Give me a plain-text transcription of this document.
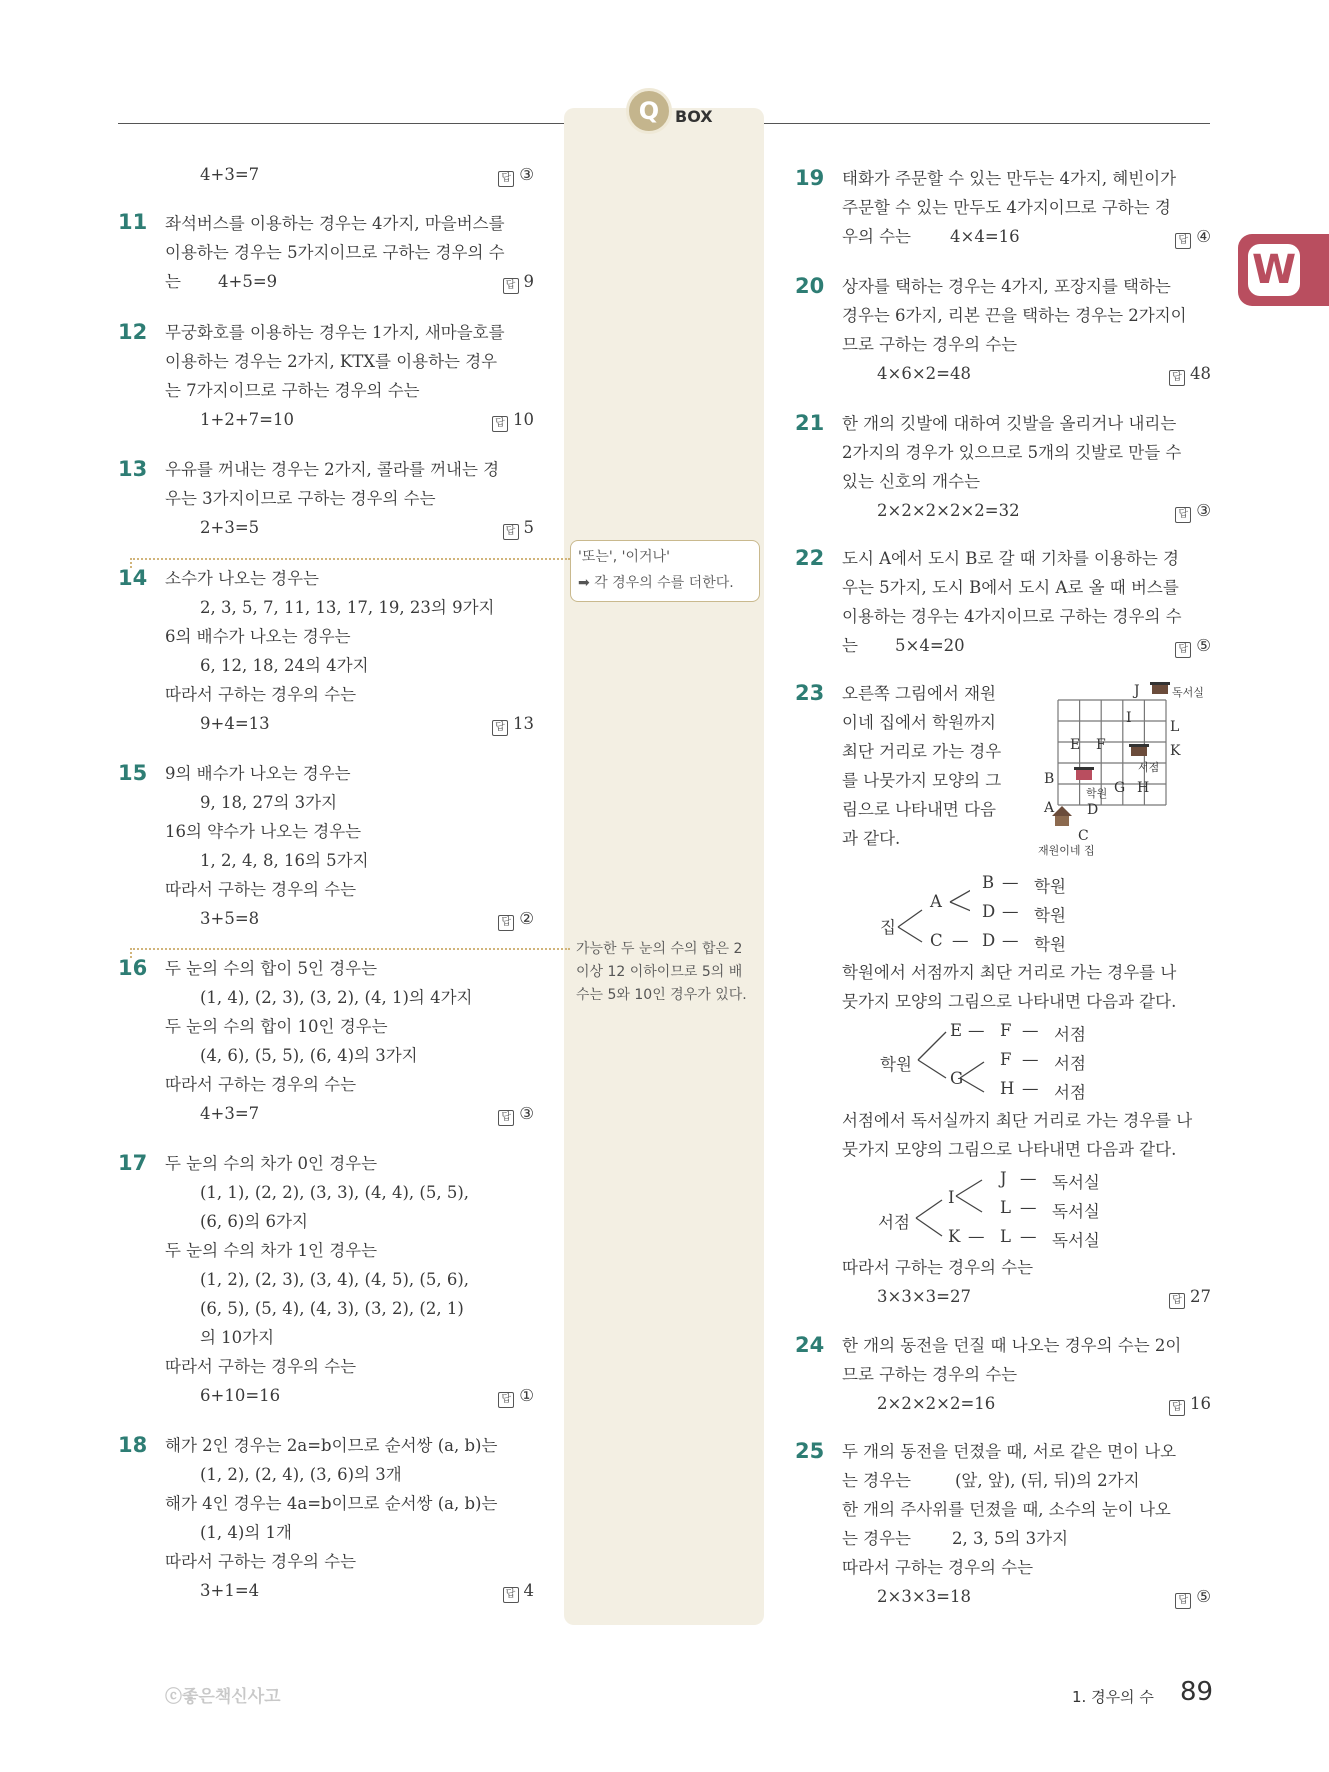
Q BOX
W
4+3=7	답 ③
11 좌석버스를 이용하는 경우는 4가지, 마을버스를
이용하는 경우는 5가지이므로 구하는 경우의 수
는 4+5=9	답 9
12 무궁화호를 이용하는 경우는 1가지, 새마을호를
이용하는 경우는 2가지, KTX를 이용하는 경우
는 7가지이므로 구하는 경우의 수는
1+2+7=10	답 10
13 우유를 꺼내는 경우는 2가지, 콜라를 꺼내는 경
우는 3가지이므로 구하는 경우의 수는
2+3=5	답 5
14 소수가 나오는 경우는
2, 3, 5, 7, 11, 13, 17, 19, 23의 9가지
6의 배수가 나오는 경우는
6, 12, 18, 24의 4가지
따라서 구하는 경우의 수는
9+4=13	답 13
15 9의 배수가 나오는 경우는
9, 18, 27의 3가지
16의 약수가 나오는 경우는
1, 2, 4, 8, 16의 5가지
따라서 구하는 경우의 수는
3+5=8	답 ②
16 두 눈의 수의 합이 5인 경우는
(1, 4), (2, 3), (3, 2), (4, 1)의 4가지
두 눈의 수의 합이 10인 경우는
(4, 6), (5, 5), (6, 4)의 3가지
따라서 구하는 경우의 수는
4+3=7	답 ③
17 두 눈의 수의 차가 0인 경우는
(1, 1), (2, 2), (3, 3), (4, 4), (5, 5),
(6, 6)의 6가지
두 눈의 수의 차가 1인 경우는
(1, 2), (2, 3), (3, 4), (4, 5), (5, 6),
(6, 5), (5, 4), (4, 3), (3, 2), (2, 1)
의 10가지
따라서 구하는 경우의 수는
6+10=16	답 ①
18 해가 2인 경우는 2a=b이므로 순서쌍 (a, b)는
(1, 2), (2, 4), (3, 6)의 3개
해가 4인 경우는 4a=b이므로 순서쌍 (a, b)는
(1, 4)의 1개
따라서 구하는 경우의 수는
3+1=4	답 4
'또는', '이거나'
➡ 각 경우의 수를 더한다.
가능한 두 눈의 수의 합은 2
이상 12 이하이므로 5의 배
수는 5와 10인 경우가 있다.
19 태화가 주문할 수 있는 만두는 4가지, 혜빈이가
주문할 수 있는 만두도 4가지이므로 구하는 경
우의 수는 4×4=16	답 ④
20 상자를 택하는 경우는 4가지, 포장지를 택하는
경우는 6가지, 리본 끈을 택하는 경우는 2가지이
므로 구하는 경우의 수는
4×6×2=48	답 48
21 한 개의 깃발에 대하여 깃발을 올리거나 내리는
2가지의 경우가 있으므로 5개의 깃발로 만들 수
있는 신호의 개수는
2×2×2×2×2=32	답 ③
22 도시 A에서 도시 B로 갈 때 기차를 이용하는 경
우는 5가지, 도시 B에서 도시 A로 올 때 버스를
이용하는 경우는 4가지이므로 구하는 경우의 수
는 5×4=20	답 ⑤
23 오른쪽 그림에서 재원
이네 집에서 학원까지
최단 거리로 가는 경우
를 나뭇가지 모양의 그
림으로 나타내면 다음
과 같다.
J
I
L
K
E F
B
G H
A D
C
독서실
서점
학원
재원이네 집
집
A
B — 학원
D — 학원
C — D — 학원
학원에서 서점까지 최단 거리로 가는 경우를 나
뭇가지 모양의 그림으로 나타내면 다음과 같다.
학원
E — F — 서점
G
F — 서점
H — 서점
서점에서 독서실까지 최단 거리로 가는 경우를 나
뭇가지 모양의 그림으로 나타내면 다음과 같다.
서점
I
J — 독서실
L — 독서실
K — L — 독서실
따라서 구하는 경우의 수는
3×3×3=27	답 27
24 한 개의 동전을 던질 때 나오는 경우의 수는 2이
므로 구하는 경우의 수는
2×2×2×2=16	답 16
25 두 개의 동전을 던졌을 때, 서로 같은 면이 나오
는 경우는	(앞, 앞), (뒤, 뒤)의 2가지
한 개의 주사위를 던졌을 때, 소수의 눈이 나오
는 경우는 2, 3, 5의 3가지
따라서 구하는 경우의 수는
2×3×3=18	답 ⑤
ⓒ좋은책신사고	1. 경우의 수 89
